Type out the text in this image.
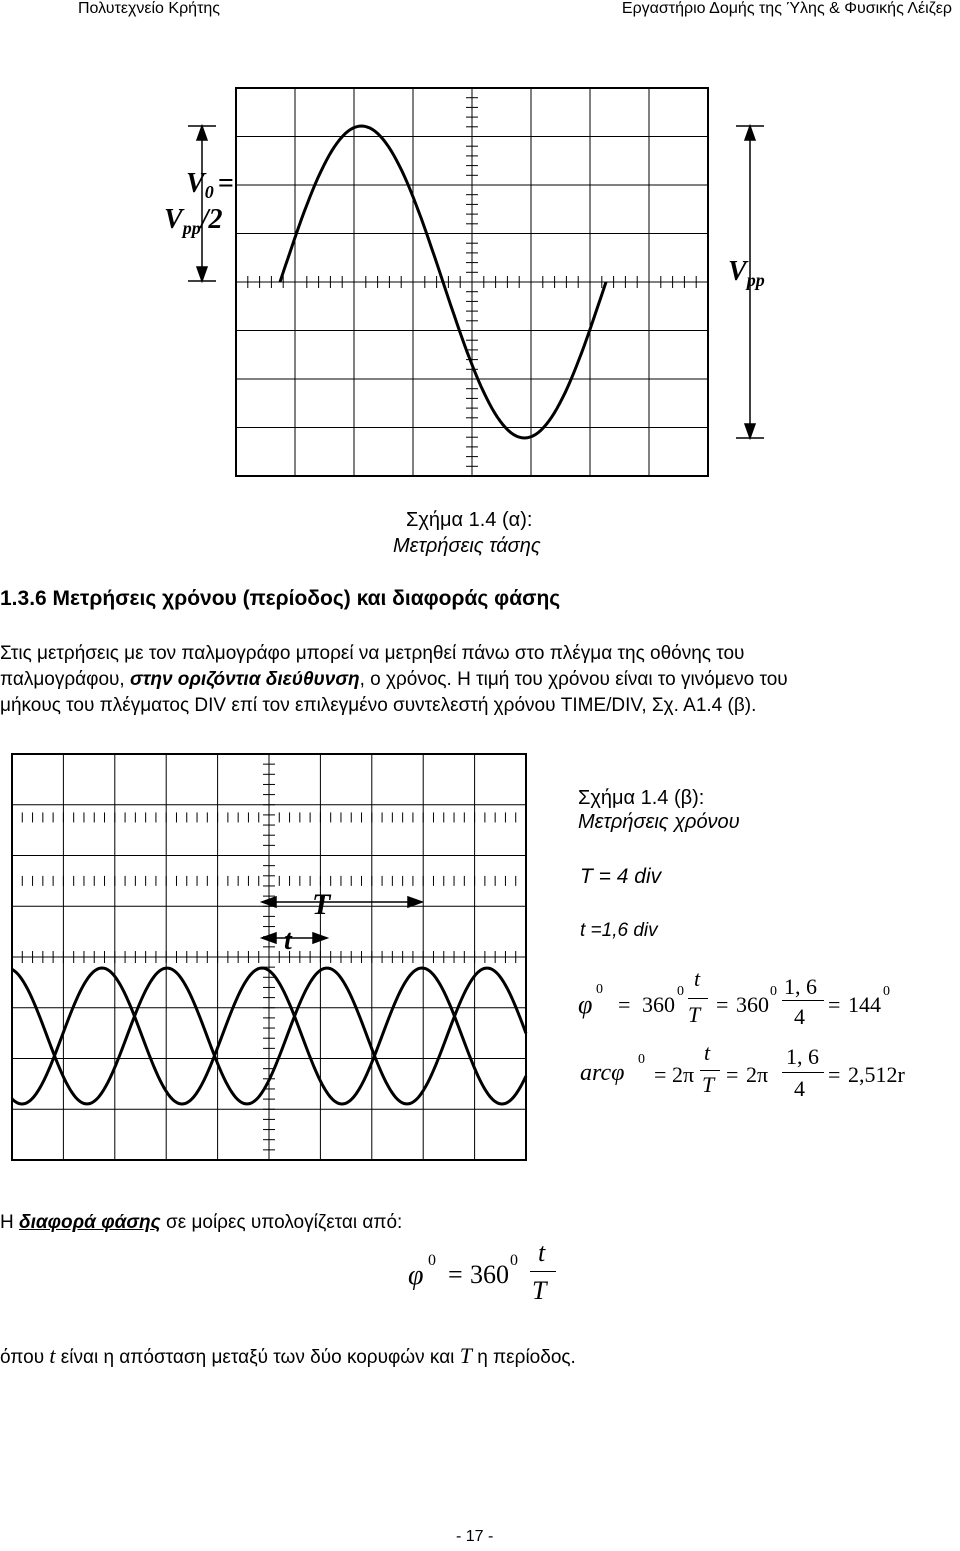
Πολυτεχνείο Κρήτης	Εργαστήριο Δομής της Ύλης & Φυσικής Λέιζερ
$V_0$ =
$V_{pp}/2$
$V_{pp}$
Σχήμα 1.4 (α):
Μετρήσεις τάσης
1.3.6 Μετρήσεις χρόνου (περίοδος) και διαφοράς φάσης
Στις μετρήσεις με τον παλμογράφο μπορεί να μετρηθεί πάνω στο πλέγμα της οθόνης του
παλμογράφου, στην οριζόντια διεύθυνση, ο χρόνος. Η τιμή του χρόνου είναι το γινόμενο του
μήκους του πλέγματος DIV επί τον επιλεγμένο συντελεστή χρόνου TIME/DIV, Σχ. Α1.4 (β).
T
t
Σχήμα 1.4 (β):
Μετρήσεις χρόνου
T = 4 div
t =1,6 div
φ
0
= 360
0
t
T = 360
0 1, 6
4 = 144
0
arcφ
0
= 2π
t
T = 2π
1, 6
4
= 2,512r
Η διαφορά φάσης σε μοίρες υπολογίζεται από:
φ 0 = 360 0 t
T
όπου t είναι η απόσταση μεταξύ των δύο κορυφών και T η περίοδος.
- 17 -
